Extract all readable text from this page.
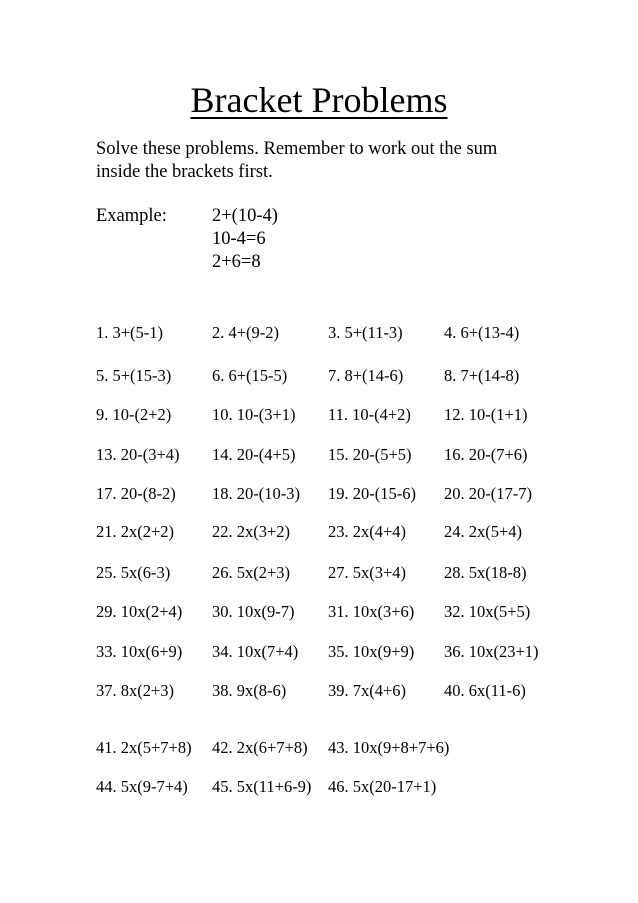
Bracket Problems
Solve these problems. Remember to work out the sum inside the brackets first.
Example: 2+(10-4)
10-4=6
2+6=8
1. 3+(5-1)	2. 4+(9-2)	3. 5+(11-3)	4. 6+(13-4)
5. 5+(15-3) 6. 6+(15-5) 7. 8+(14-6) 8. 7+(14-8)
9. 10-(2+2) 10. 10-(3+1) 11. 10-(4+2) 12. 10-(1+1)
13. 20-(3+4) 14. 20-(4+5) 15. 20-(5+5) 16. 20-(7+6)
17. 20-(8-2) 18. 20-(10-3) 19. 20-(15-6) 20. 20-(17-7)
21. 2x(2+2) 22. 2x(3+2) 23. 2x(4+4) 24. 2x(5+4)
25. 5x(6-3)	26. 5x(2+3) 27. 5x(3+4) 28. 5x(18-8)
29. 10x(2+4) 30. 10x(9-7) 31. 10x(3+6) 32. 10x(5+5)
33. 10x(6+9) 34. 10x(7+4) 35. 10x(9+9) 36. 10x(23+1)
37. 8x(2+3) 38. 9x(8-6)	39. 7x(4+6) 40. 6x(11-6)
41. 2x(5+7+8) 42. 2x(6+7+8) 43. 10x(9+8+7+6)
44. 5x(9-7+4) 45. 5x(11+6-9) 46. 5x(20-17+1)
